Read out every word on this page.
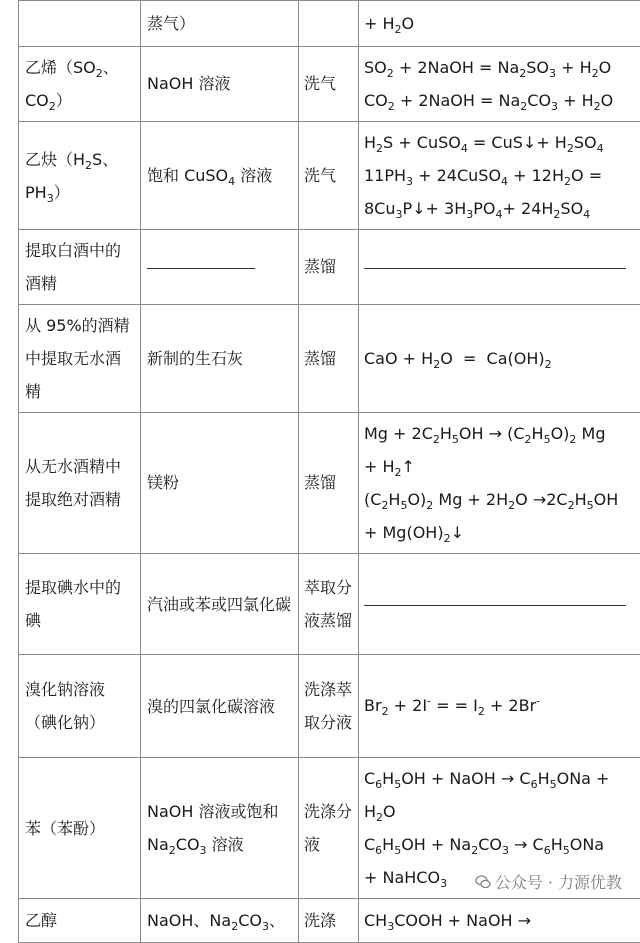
	蒸气）		+ $H_2O$

乙烯（$SO_2$、$CO_2$）	NaOH 溶液	洗气	$SO_2$ + 2NaOH = $Na_2SO_3 + H_2O$
$CO_2$ + 2NaOH = $Na_2CO_3 + H_2O$

乙炔（$H_2S$、$PH_3$）	饱和 CuSO$_4$ 溶液	洗气	$H_2S$ + CuSO$_4$ = CuS↓+ $H_2SO_4$
$11PH_3$ + 24CuSO$_4$ + $12H_2O$ =
$8Cu_3P↓+ 3H_3PO_4+ 24H_2SO_4$

提取白酒中的酒精		蒸馏	
从 95%的酒精中提取无水酒精	新制的生石灰	蒸馏	CaO + $H_2O = Ca(OH)_2$

从无水酒精中提取绝对酒精	镁粉	蒸馏	$Mg + 2C_2H_5OH \to (C_2H_5O)_2$ Mg
+ $H_2↑$
$(C_2H_5O)_2$ $Mg + 2H_2O \to 2C_2H_5OH$
+ $Mg(OH)_2↓$

提取碘水中的碘	汽油或苯或四氯化碳	萃取分液蒸馏	
溴化钠溶液（碘化钠）	溴的四氯化碳溶液	洗涤萃取分液	$Br_2 + 2I^-$ = = $I_2 + 2Br^-$

苯（苯酚）	NaOH 溶液或饱和 $Na_2CO_3$ 溶液	洗涤分液	$C_6H_5OH$ + NaOH → $C_6H_5ONa$ +
$H_2O$
$C_6H_5OH + Na_2CO_3 \to C_6H_5ONa$
+ NaHCO$_3$

乙醇	NaOH、$Na_2CO_3$、	洗涤	$CH_3COOH$ + NaOH →
公众号 · 力源优教
